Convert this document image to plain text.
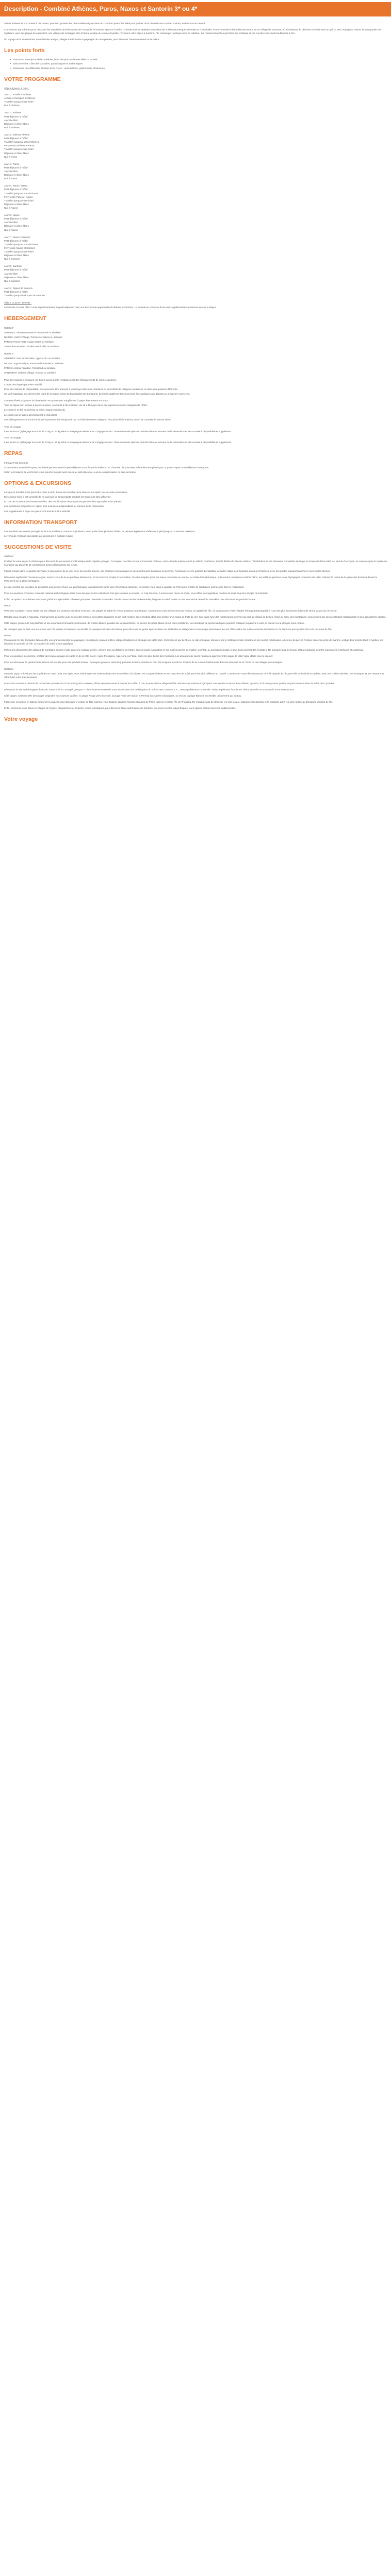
Description - Combiné Athènes, Paros, Naxos et Santorin 3* ou 4*

Visitez Athènes et son musée à ciel ouvert, puis les Cyclades les plus emblématiques dans un combiné quatre îles idéal pour profiter de la diversité de la Grèce : culture, architecture et beauté.

Commencez par Athènes pour découvrir les merveilles architecturales de l'Acropole, l'Ancienne Agora et l'Odéon d'Hérode Atticus. Baladez-vous dans les ruelles pittoresques de Plaka et d'Anafiotika. Prenez ensuite le ferry direction Paros et son village de Naoussa, où les bateaux de pêcheurs se balancent au gré du vent. Rejoignez Naxos, la plus grande des Cyclades, avec ses plages de sable doré, ses villages de montagne et la Portara, vestige du temple d'Apollon. Terminez votre séjour à Santorin, l'île volcanique mythique avec sa caldeira, ses maisons blanches perchées sur la falaise et ses couchers de soleil inoubliables à Oia.

Un voyage riche en émotions, entre histoire antique, villages traditionnels et paysages de carte postale, pour découvrir l'essence même de la Grèce.

Les points forts
• Parcourez le temps et visitez Athènes, l'une des plus anciennes villes du monde
• Découvrez les 3 îles des Cyclades, paradisiaques et authentiques
• Retrouvez des différentes facettes de la Grèce : entre histoire, gastronomie et farniente
VOTRE PROGRAMME

Séjour 9 jours / 8 nuits :

Jour 1 : Arrivée à Athènes
Arrivée à l'aéroport d'Athènes
Transfert jusqu'à votre hôtel
Nuit à Athènes
Jour 2 : Athènes
Petit-déjeuner à l'hôtel
Journée libre
Déjeuner et dîner libres
Nuit à Athènes
Jour 3 : Athènes / Paros
Petit-déjeuner à l'hôtel
Transfert jusqu'au port d'Athènes
Ferry entre Athènes et Paros
Transfert jusqu'à votre hôtel
Déjeuner et dîner libres
Nuit à Paros
Jour 4 : Paros
Petit-déjeuner à l'hôtel
Journée libre
Déjeuner et dîner libres
Nuit à Paros
Jour 5 : Paros / Naxos
Petit-déjeuner à l'hôtel
Transfert jusqu'au port de Paros
Ferry entre Paros et Naxos
Transfert jusqu'à votre hôtel
Déjeuner et dîner libres
Nuit à Naxos
Jour 6 : Naxos
Petit-déjeuner à l'hôtel
Journée libre
Déjeuner et dîner libres
Nuit à Naxos
Jour 7 : Naxos / Santorin
Petit-déjeuner à l'hôtel
Transfert jusqu'au port de Naxos
Ferry entre Naxos et Santorin
Transfert jusqu'à votre hôtel
Déjeuner et dîner libres
Nuit à Santorin
Jour 8 : Santorin
Petit-déjeuner à l'hôtel
Journée libre
Déjeuner et dîner libres
Nuit à Santorin
Jour 9 : Départ de Santorin
Petit-déjeuner à l'hôtel
Transfert jusqu'à l'aéroport de Santorin

Séjour 11 jours / 10 nuits :

La formule 10 nuits offre 2 nuits supplémentaires au petit-déjeuner, pour une découverte approfondie d'Athènes et Santorin. La formule se compose d'une nuit supplémentaire à chacune de ces 2 étapes.

HEBERGEMENT

Hotels 3*

ATHENES: Athenian Mansion/ Acca Hotel ou similaire
NAXOS: Andro's Village, Princess of Naxos ou similaire
PAROS: Paros Ports, Acapa Suites ou similaire
SANTORIN:Hostess, Amalia Beach Villa ou similaire

Hotels 4*

ATHENES: One Smart Hotel, Hypnos Inn ou similaire
NAXOS: Argo Boutique, Naxos Palace Hotel ou similaire
PAROS: Astoria Paradise, Parosland ou similaire
SANTORIN: Vedema Village, Anassa ou similaire

Pour des raisons techniques, les hôtels peuvent être remplacés par des hébergements de même catégorie.

L'ordre des étapes peut être modifié.

Pour des raisons de disponibilité, nous pouvons être amenés à vous loger dans des chambres ou des hôtels de catégorie supérieure ou dans des quartiers différents.

Ce tarif s'applique aux arrivées les jours de semaine. Selon la disponibilité des transports, des frais supplémentaires peuvent être appliqués aux départs ou arrivées le week-end.

Certains hôtels proposent la climatisation en option avec supplément à payer directement sur place.

Taxe de séjour non incluse à payer sur place. Montants à titre indicatif : de 1€ à 15€ par nuit et par logement selon la catégorie de l'hôtel.

Le check-in se fait en général en milieu d'après-midi (14h).

Le check-out se fait en général avant le midi (12h).

Les hébergements sont à titre indicatif et peuvent être remplacés par un hôtel de même catégorie. Pour plus d'informations, merci de consulter le service client.

Type de voyage

Il est inclus un (1) bagage en soute de 23 kg ou 20 kg selon la compagnie aérienne et 1 bagage à main. Toute demande spéciale doit être faite au moment de la réservation et est soumise à disponibilité et supplément.

Type de voyage

Il est inclus un (1) bagage en soute de 23 kg ou 20 kg selon la compagnie aérienne et 1 bagage à main. Toute demande spéciale doit être faite au moment de la réservation et est soumise à disponibilité et supplément.

REPAS

Formule Petit-déjeuner

Si la situation sanitaire l'impose, les hôtels peuvent servir le petit-déjeuner sous forme de buffet ou en chambre. Ils pourraient même être remplacés par un panier repas ou un déjeuner à emporter.

Selon les horaires de vos ferries, vous pourriez ne pas avoir accès au petit-déjeuner. Aucune compensation ne sera accordée.

OPTIONS & EXCURSIONS

Lorsque le transfert n'est pas inclus dans le tarif, il vous est possible de le réserver en option lors de votre réservation.

Eté comme hiver, il est conseillé de ne pas faire de longs trajets pendant les heures de forte affluence.

En cas de circonstances exceptionnelles, des modifications de programme peuvent être apportées sans préavis.

Les excursions proposées en option sont soumises à disponibilité au moment de la réservation.

Les suppléments à payer sur place sont donnés à titre indicatif.

INFORMATION TRANSPORT

Les transferts en navette partagée se font en minibus ou autobus à plusieurs, avec arrêts dans plusieurs hôtels. Ils peuvent également s'effectuer à pied jusqu'à 10 minutes maximum.

Le véhicule n'est pas accessible aux personnes à mobilité réduite.

SUGGESTIONS DE VISITE

Athènes :

Profitez de votre séjour à Athènes pour découvrir le monument emblématique de la capitale grecque : l'Acropole. Perchée sur un promontoire rocheux, cette citadelle antique abrite le célèbre Parthénon, temple dédié à la déesse Athéna, l'Érechthéion et ses fameuses Caryatides ainsi que le temple d'Athéna Niké. Au pied de l'Acropole, ne manquez pas le musée de l'Acropole qui présente de nombreuses pièces découvertes sur le site.

Flânez ensuite dans le quartier de Plaka, le plus ancien de la ville, avec ses ruelles pavées, ses maisons néoclassiques et ses nombreuses boutiques et tavernes. Poursuivez vers le quartier d'Anafiotika, véritable village des Cyclades au cœur d'Athènes, avec ses petites maisons blanches et ses ruelles fleuries.

Découvrez également l'Ancienne Agora, ancien cœur de la vie publique athénienne, où se trouve le temple d'Héphaïstos, l'un des temples grecs les mieux conservés au monde. Le Stade Panathénaïque, entièrement construit en marbre blanc, accueillit les premiers Jeux Olympiques modernes de 1896. Admirez la relève de la garde des Evzones devant le Parlement sur la place Syntagma.

Le soir, montez sur la colline du Lycabette pour profiter d'une vue panoramique exceptionnelle sur la ville et l'Acropole illuminée, ou rendez-vous dans le quartier de Psirri pour profiter de l'ambiance animée des bars et restaurants.

Pour les amateurs d'histoire, le Musée national archéologique abrite l'une des plus riches collections d'art grec antique au monde. Le Cap Sounion, à environ une heure de route, vous offrira un magnifique coucher de soleil depuis le temple de Poséidon.

Enfin, ne quittez pas Athènes sans avoir goûté aux spécialités culinaires grecques : souvlaki, moussaka, tzatziki ou encore les loukoumades, beignets au miel. Faites un tour au marché central de Varvakios pour découvrir les produits locaux.

Paros :

Perle des Cyclades, Paros séduit par ses villages aux maisons blanches et bleues, ses plages de sable fin et son ambiance authentique. Commencez votre découverte par Parikia, la capitale de l'île, où vous pourrez visiter l'église Panagia Ekatontapiliani, l'une des plus anciennes églises de Grèce datant du IVe siècle.

Rendez-vous ensuite à Naoussa, charmant port de pêche avec ses ruelles étroites, ses petites chapelles et son port vénitien. C'est l'endroit idéal pour profiter d'un repas de fruits de mer frais dans l'une des nombreuses tavernes du port. Le village de Lefkes, niché au cœur des montagnes, vous séduira par son architecture traditionnelle et son atmosphère paisible.

Côté plages, profitez de Kolymbithres et ses étonnantes formations rocheuses, de Golden Beach, paradis des véliplanchistes, ou encore de Santa Maria et ses eaux cristallines. Les amateurs de sports nautiques pourront pratiquer la planche à voile, le kitesurf ou la plongée sous-marine.

Ne manquez pas de faire une excursion vers l'île voisine d'Antiparos, accessible en quelques minutes de bateau, pour découvrir sa grotte spectaculaire aux stalactites et stalagmites et ses plages préservées. Le soir, flânez dans les ruelles animées de Parikia ou de Naoussa pour profiter de la vie nocturne de l'île.

Naxos :

Plus grande île des Cyclades, Naxos offre une grande diversité de paysages : montagnes, plaines fertiles, villages traditionnels et plages de sable doré. Commencez par la Chora, la ville principale, dominée par le château vénitien (Kastro) et ses ruelles médiévales. À l'entrée du port, la Portara, immense porte de marbre, vestige d'un temple dédié à Apollon, est devenue le symbole de l'île. Le coucher de soleil y est magnifique.

Partez à la découverte des villages de montagne comme Halki, ancienne capitale de l'île, célèbre pour sa distillerie de Kitron, liqueur locale, Apiranthos et ses ruelles pavées de marbre, ou Filoti, au pied du mont Zas, le plus haut sommet des Cyclades. Ne manquez pas les kouroi, statues antiques géantes inachevées, à Melanes et Apollonas.

Pour les amateurs de détente, profitez des longues plages de sable fin de la côte ouest : Agios Prokopios, Agia Anna ou Plaka, parmi les plus belles des Cyclades. Les amateurs de sports nautiques apprécieront la plage de Mikri Vigla, idéale pour le kitesurf.

Pour les amoureux de gastronomie, Naxos est réputée pour ses produits locaux : fromages (graviera, arseniko), pommes de terre, viandes et bien sûr la liqueur de Kitron. Profitez de la cuisine traditionnelle dans les tavernes de la Chora ou des villages de montagne.

Santorin :

Santorin, joyau volcanique des Cyclades au cœur de la mer Égée, vous séduira par ses maisons blanches accrochées à la falaise, ses coupoles bleues et ses couchers de soleil parmi les plus célèbres au monde. Commencez votre découverte par Fira, la capitale de l'île, perchée au bord de la caldeira, avec ses ruelles animées, ses boutiques et ses restaurants offrant des vues spectaculaires.

Empruntez ensuite le chemin de randonnée qui relie Fira à Oia le long de la caldeira, offrant des panoramas à couper le souffle. À Oia, le plus célèbre village de l'île, admirez ses maisons troglodytes, ses moulins à vent et son château byzantin, d'où vous pourrez profiter du plus beau coucher de soleil des Cyclades.

Découvrez le site archéologique d'Akrotiri, surnommé la « Pompéi grecque », cité minoenne ensevelie sous les cendres lors de l'éruption du volcan vers 1600 av. J.-C., remarquablement conservée. Visitez également l'Ancienne Théra, perchée au sommet du mont Messavouno.

Côté plages, Santorin offre des plages originales aux couleurs variées : la plage Rouge près d'Akrotiri, la plage Noire de Kamari et Perissa aux sables volcaniques, ou encore la plage Blanche accessible uniquement par bateau.

Faites une excursion en bateau autour de la caldeira pour découvrir le volcan de Nea Kameni, vous baigner dans les sources chaudes de Palea Kameni et visiter l'île de Thirassia. Ne manquez pas de déguster les vins locaux, notamment l'Assyrtiko et le Vinsanto, dans l'un des nombreux domaines viticoles de l'île.

Enfin, promenez-vous dans les villages de Pyrgos, Megalochori ou Emporio, moins touristiques, pour découvrir l'âme authentique de Santorin, avec leurs ruelles labyrinthiques, leurs églises et leurs tavernes traditionnelles.

Votre voyage
